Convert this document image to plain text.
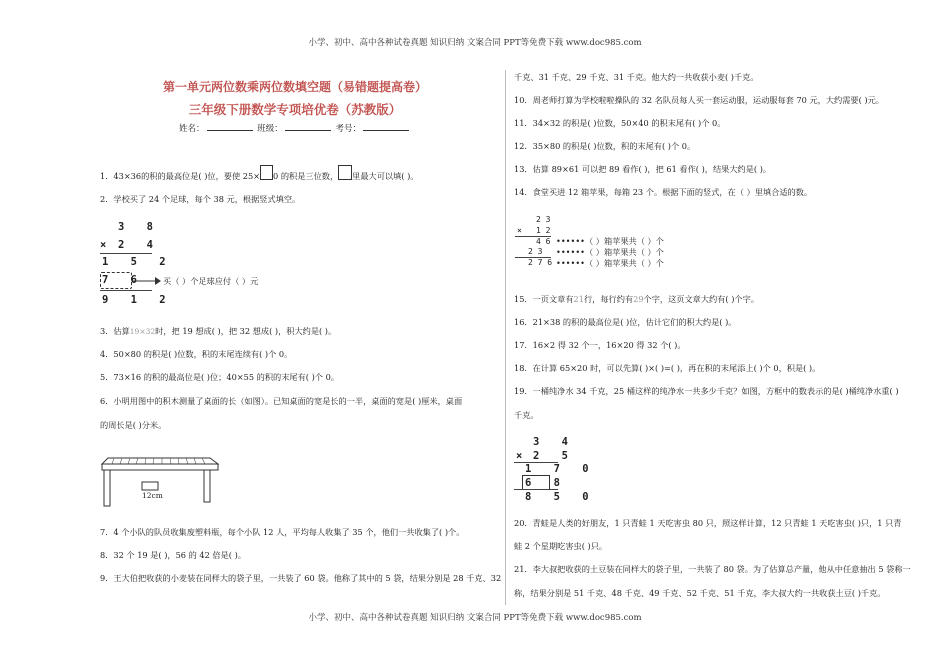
小学、初中、高中各种试卷真题 知识归纳 文案合同 PPT等免费下载 www.doc985.com
第一单元两位数乘两位数填空题（易错题提高卷）
三年级下册数学专项培优卷（苏教版）
姓名：	班级：	考号：
1．43×36的积的最高位是( )位，要使 25× 0 的积是三位数， 里最大可以填( )。
2．学校买了 24 个足球，每个 38 元，根据竖式填空。
3 8
× 2 4
1 5 2
7 6 买（ ）个足球应付（ ）元
9 1 2
3．估算19×32时，把 19 想成( )，把 32 想成( )，积大约是( )。
4．50×80 的积是( )位数，积的末尾连续有( )个 0。
5．73×16 的积的最高位是( )位；40×55 的积的末尾有( )个 0。
6．小明用图中的积木测量了桌面的长（如图）。已知桌面的宽是长的一半，桌面的宽是( )厘米，桌面
的周长是( )分米。
12cm
7．4 个小队的队员收集废塑料瓶，每个小队 12 人，平均每人收集了 35 个，他们一共收集了( )个。
8．32 个 19 是( )，56 的 42 倍是( )。
9．王大伯把收获的小麦装在同样大的袋子里，一共装了 60 袋。他称了其中的 5 袋，结果分别是 28 千克、32
千克、31 千克、29 千克、31 千克。他大约一共收获小麦( )千克。
10．周老师打算为学校啦啦操队的 32 名队员每人买一套运动服，运动服每套 70 元，大约需要( )元。
11．34×32 的积是( )位数，50×40 的积末尾有( )个 0。
12．35×80 的积是( )位数，积的末尾有( )个 0。
13．估算 89×61 可以把 89 看作( )，把 61 看作( )，结果大约是( )。
14．食堂买进 12 箱苹果，每箱 23 个。根据下面的竖式，在（ ）里填合适的数。
2 3
× 1 2
4 6
2 3
2 7 6
••••••（ ）箱苹果共（ ）个
••••••（ ）箱苹果共（ ）个
••••••（ ）箱苹果共（ ）个
15．一页文章有21行，每行约有29个字，这页文章大约有( )个字。
16．21×38 的积的最高位是( )位，估计它们的积大约是( )。
17．16×2 得 32 个一，16×20 得 32 个( )。
18．在计算 65×20 时，可以先算( )×( )=( )，再在积的末尾添上( )个 0，积是( )。
19．一桶纯净水 34 千克，25 桶这样的纯净水一共多少千克？如图，方框中的数表示的是( )桶纯净水重( )
千克。
3 4
× 2 5
1 7 0
6 8
8 5 0
20．青蛙是人类的好朋友，1 只青蛙 1 天吃害虫 80 只，照这样计算，12 只青蛙 1 天吃害虫( )只，1 只青
蛙 2 个星期吃害虫( )只。
21．李大叔把收获的土豆装在同样大的袋子里，一共装了 80 袋。为了估算总产量，他从中任意抽出 5 袋称一
称，结果分别是 51 千克、48 千克、49 千克、52 千克、51 千克，李大叔大约一共收获土豆( )千克。
小学、初中、高中各种试卷真题 知识归纳 文案合同 PPT等免费下载 www.doc985.com
